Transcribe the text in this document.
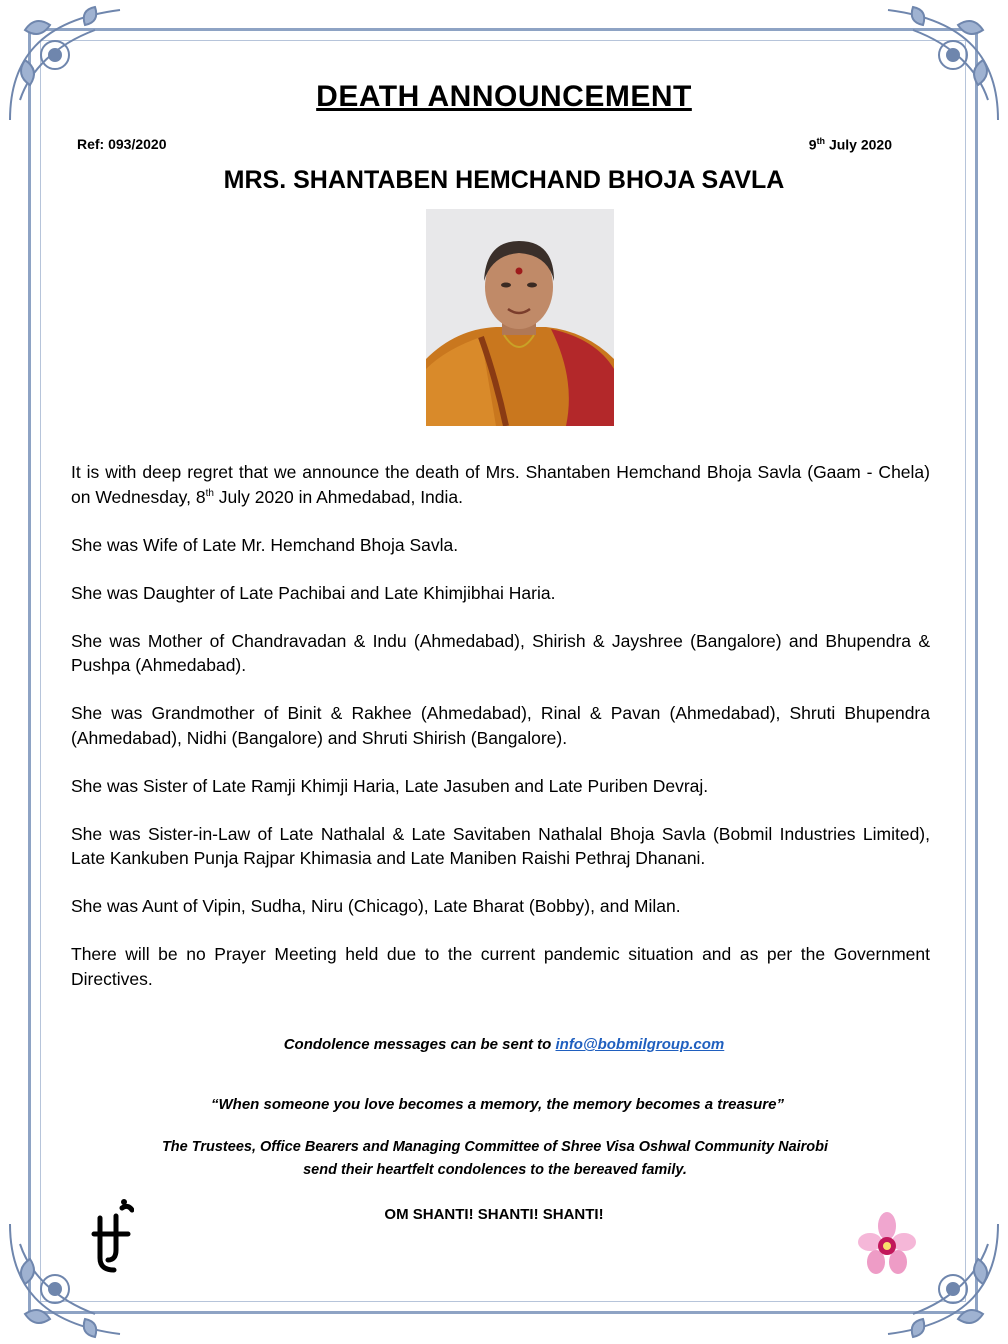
DEATH ANNOUNCEMENT
Ref: 093/2020	9th July 2020
MRS. SHANTABEN HEMCHAND BHOJA SAVLA

It is with deep regret that we announce the death of Mrs. Shantaben Hemchand Bhoja Savla (Gaam - Chela) on Wednesday, 8th July 2020 in Ahmedabad, India.

She was Wife of Late Mr. Hemchand Bhoja Savla.

She was Daughter of Late Pachibai and Late Khimjibhai Haria.

She was Mother of Chandravadan & Indu (Ahmedabad), Shirish & Jayshree (Bangalore) and Bhupendra & Pushpa (Ahmedabad).

She was Grandmother of Binit & Rakhee (Ahmedabad), Rinal & Pavan (Ahmedabad), Shruti Bhupendra (Ahmedabad), Nidhi (Bangalore) and Shruti Shirish (Bangalore).

She was Sister of Late Ramji Khimji Haria, Late Jasuben and Late Puriben Devraj.

She was Sister-in-Law of Late Nathalal & Late Savitaben Nathalal Bhoja Savla (Bobmil Industries Limited), Late Kankuben Punja Rajpar Khimasia and Late Maniben Raishi Pethraj Dhanani.

She was Aunt of Vipin, Sudha, Niru (Chicago), Late Bharat (Bobby), and Milan.

There will be no Prayer Meeting held due to the current pandemic situation and as per the Government Directives.

Condolence messages can be sent to info@bobmilgroup.com
“When someone you love becomes a memory, the memory becomes a treasure”
The Trustees, Office Bearers and Managing Committee of Shree Visa Oshwal Community Nairobi
send their heartfelt condolences to the bereaved family.
OM SHANTI! SHANTI! SHANTI!
